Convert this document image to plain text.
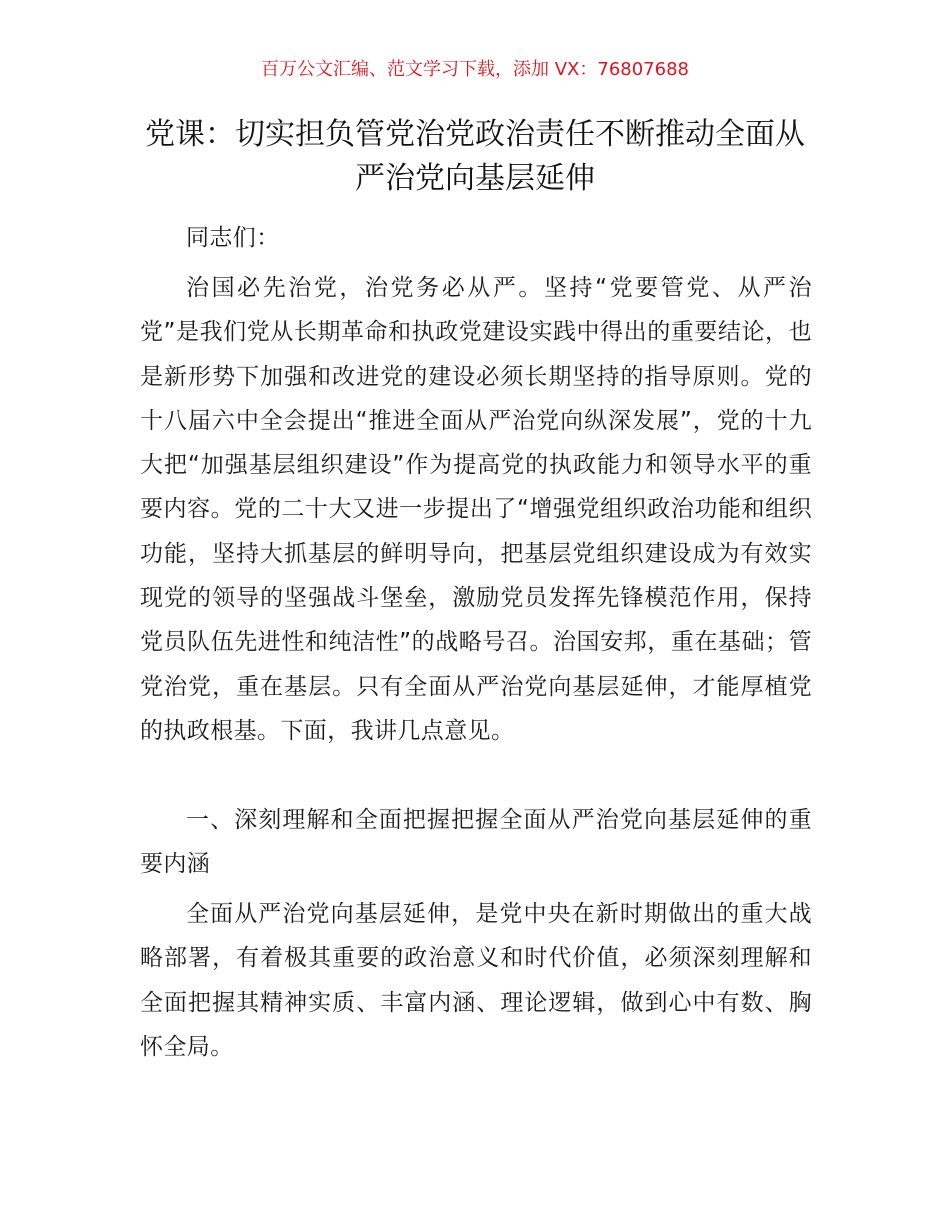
百万公文汇编、范文学习下载，添加 VX：76807688
党课：切实担负管党治党政治责任不断推动全面从严治党向基层延伸

同志们：

治国必先治党，治党务必从严。坚持“党要管党、从严治党”是我们党从长期革命和执政党建设实践中得出的重要结论，也是新形势下加强和改进党的建设必须长期坚持的指导原则。党的十八届六中全会提出“推进全面从严治党向纵深发展”，党的十九大把“加强基层组织建设”作为提高党的执政能力和领导水平的重要内容。党的二十大又进一步提出了“增强党组织政治功能和组织功能，坚持大抓基层的鲜明导向，把基层党组织建设成为有效实现党的领导的坚强战斗堡垒，激励党员发挥先锋模范作用，保持党员队伍先进性和纯洁性”的战略号召。治国安邦，重在基础；管党治党，重在基层。只有全面从严治党向基层延伸，才能厚植党的执政根基。下面，我讲几点意见。

一、深刻理解和全面把握把握全面从严治党向基层延伸的重要内涵

全面从严治党向基层延伸，是党中央在新时期做出的重大战略部署，有着极其重要的政治意义和时代价值，必须深刻理解和全面把握其精神实质、丰富内涵、理论逻辑，做到心中有数、胸怀全局。
